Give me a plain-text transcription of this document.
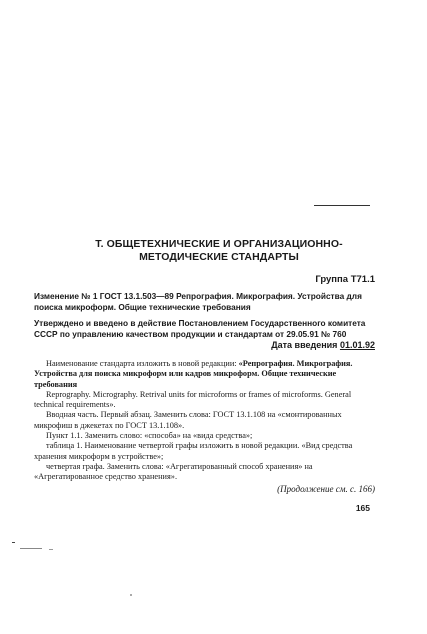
Т. ОБЩЕТЕХНИЧЕСКИЕ И ОРГАНИЗАЦИОННО-МЕТОДИЧЕСКИЕ СТАНДАРТЫ
Группа Т71.1
Изменение № 1 ГОСТ 13.1.503—89 Репрография. Микрография. Устройства для поиска микроформ. Общие технические требования
Утверждено и введено в действие Постановлением Государственного комитета СССР по управлению качеством продукции и стандартам от 29.05.91 № 760
Дата введения 01.01.92

Наименование стандарта изложить в новой редакции: «Репрография. Микрография. Устройства для поиска микроформ или кадров микроформ. Общие технические требования

Reprography. Micrography. Retrival units for microforms or frames of microforms. General technical requirements».

Вводная часть. Первый абзац. Заменить слова: ГОСТ 13.1.108 на «смонтированных микрофиш в джекетах по ГОСТ 13.1.108».

Пункт 1.1. Заменить слово: «способа» на «вида средства»;

таблица 1. Наименование четвертой графы изложить в новой редакции. «Вид средства хранения микроформ в устройстве»;

четвертая графа. Заменить слова: «Агрегатированный способ хранения» на «Агрегатированное средство хранения».

(Продолжение см. с. 166)
165
